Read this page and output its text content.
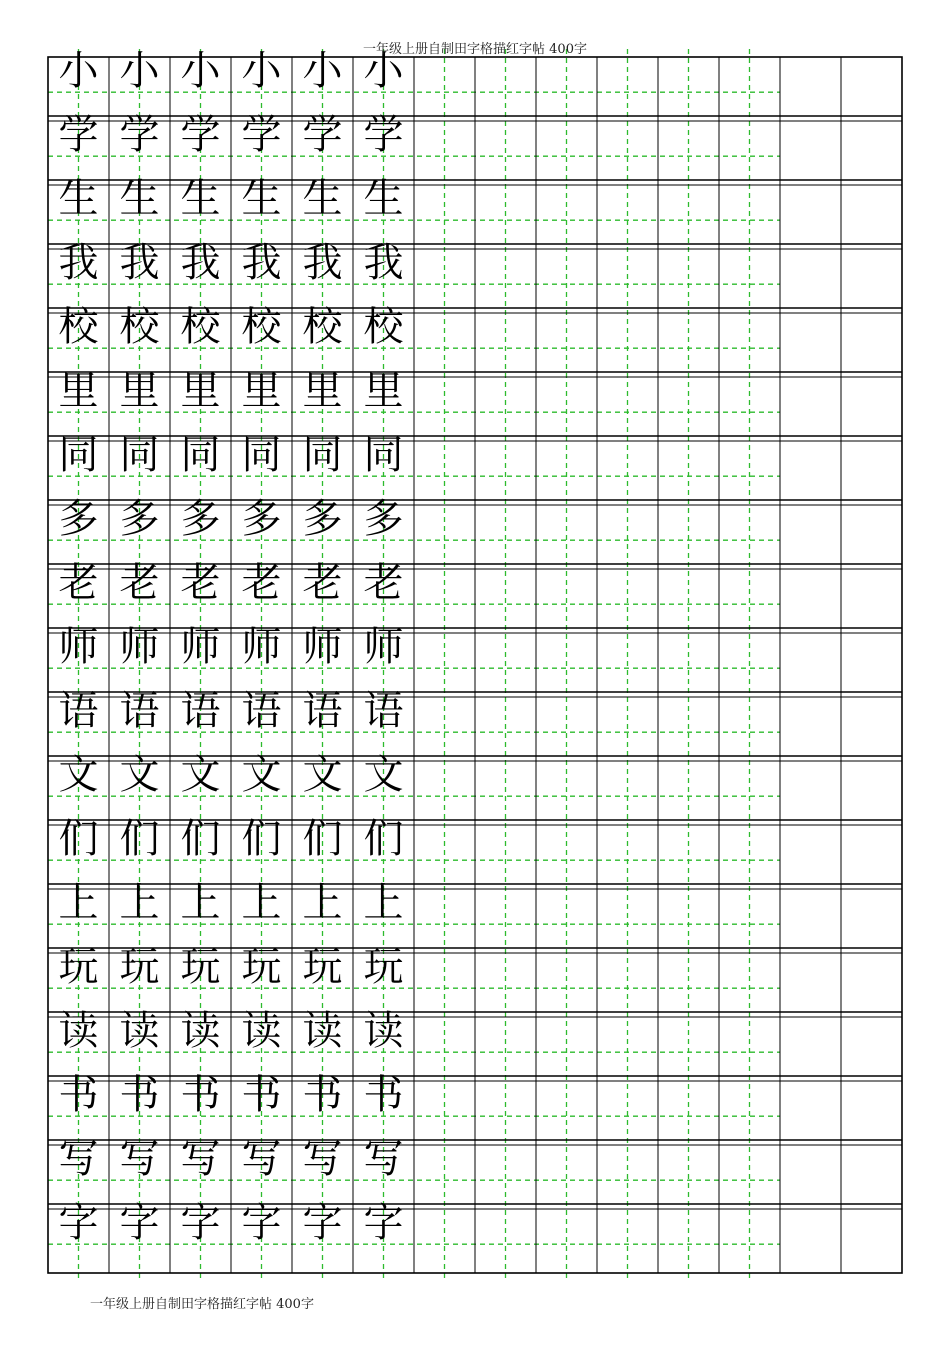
一年级上册自制田字格描红字帖 400字
小 小 小 小 小 小
学 学 学 学 学 学
生 生 生 生 生 生
我 我 我 我 我 我
校 校 校 校 校 校
里 里 里 里 里 里
同 同 同 同 同 同
多 多 多 多 多 多
老 老 老 老 老 老
师 师 师 师 师 师
语 语 语 语 语 语
文 文 文 文 文 文
们 们 们 们 们 们
上 上 上 上 上 上
玩 玩 玩 玩 玩 玩
读 读 读 读 读 读
书 书 书 书 书 书
写 写 写 写 写 写
字 字 字 字 字 字
一年级上册自制田字格描红字帖 400字
